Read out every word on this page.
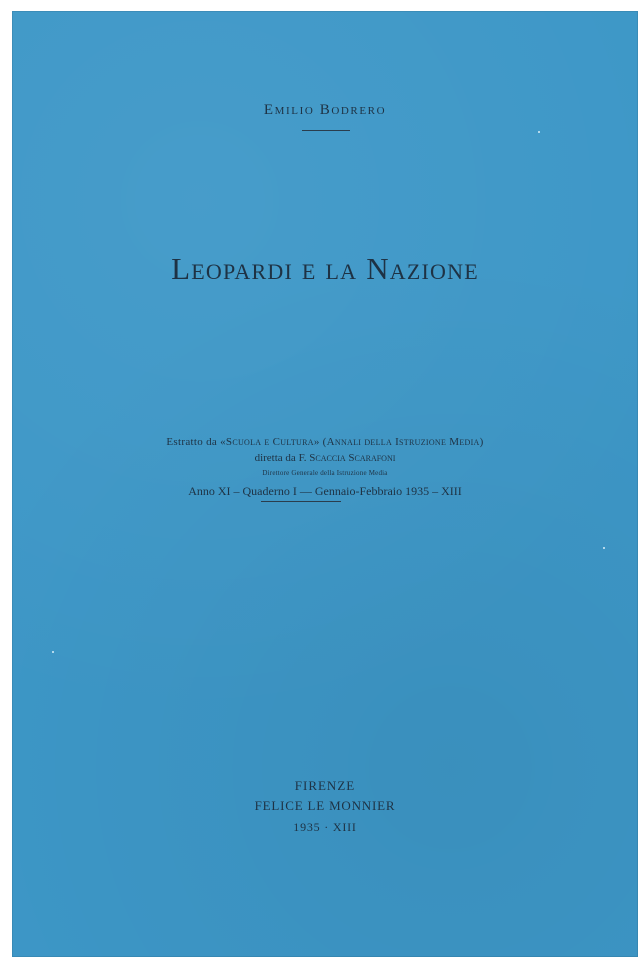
Emilio Bodrero
Leopardi e la Nazione
Estratto da «Scuola e Cultura» (Annali della Istruzione Media)
diretta da F. Scaccia Scarafoni
Direttore Generale della Istruzione Media
Anno XI – Quaderno I — Gennaio-Febbraio 1935 – XIII
FIRENZE
FELICE LE MONNIER
1935 · XIII
